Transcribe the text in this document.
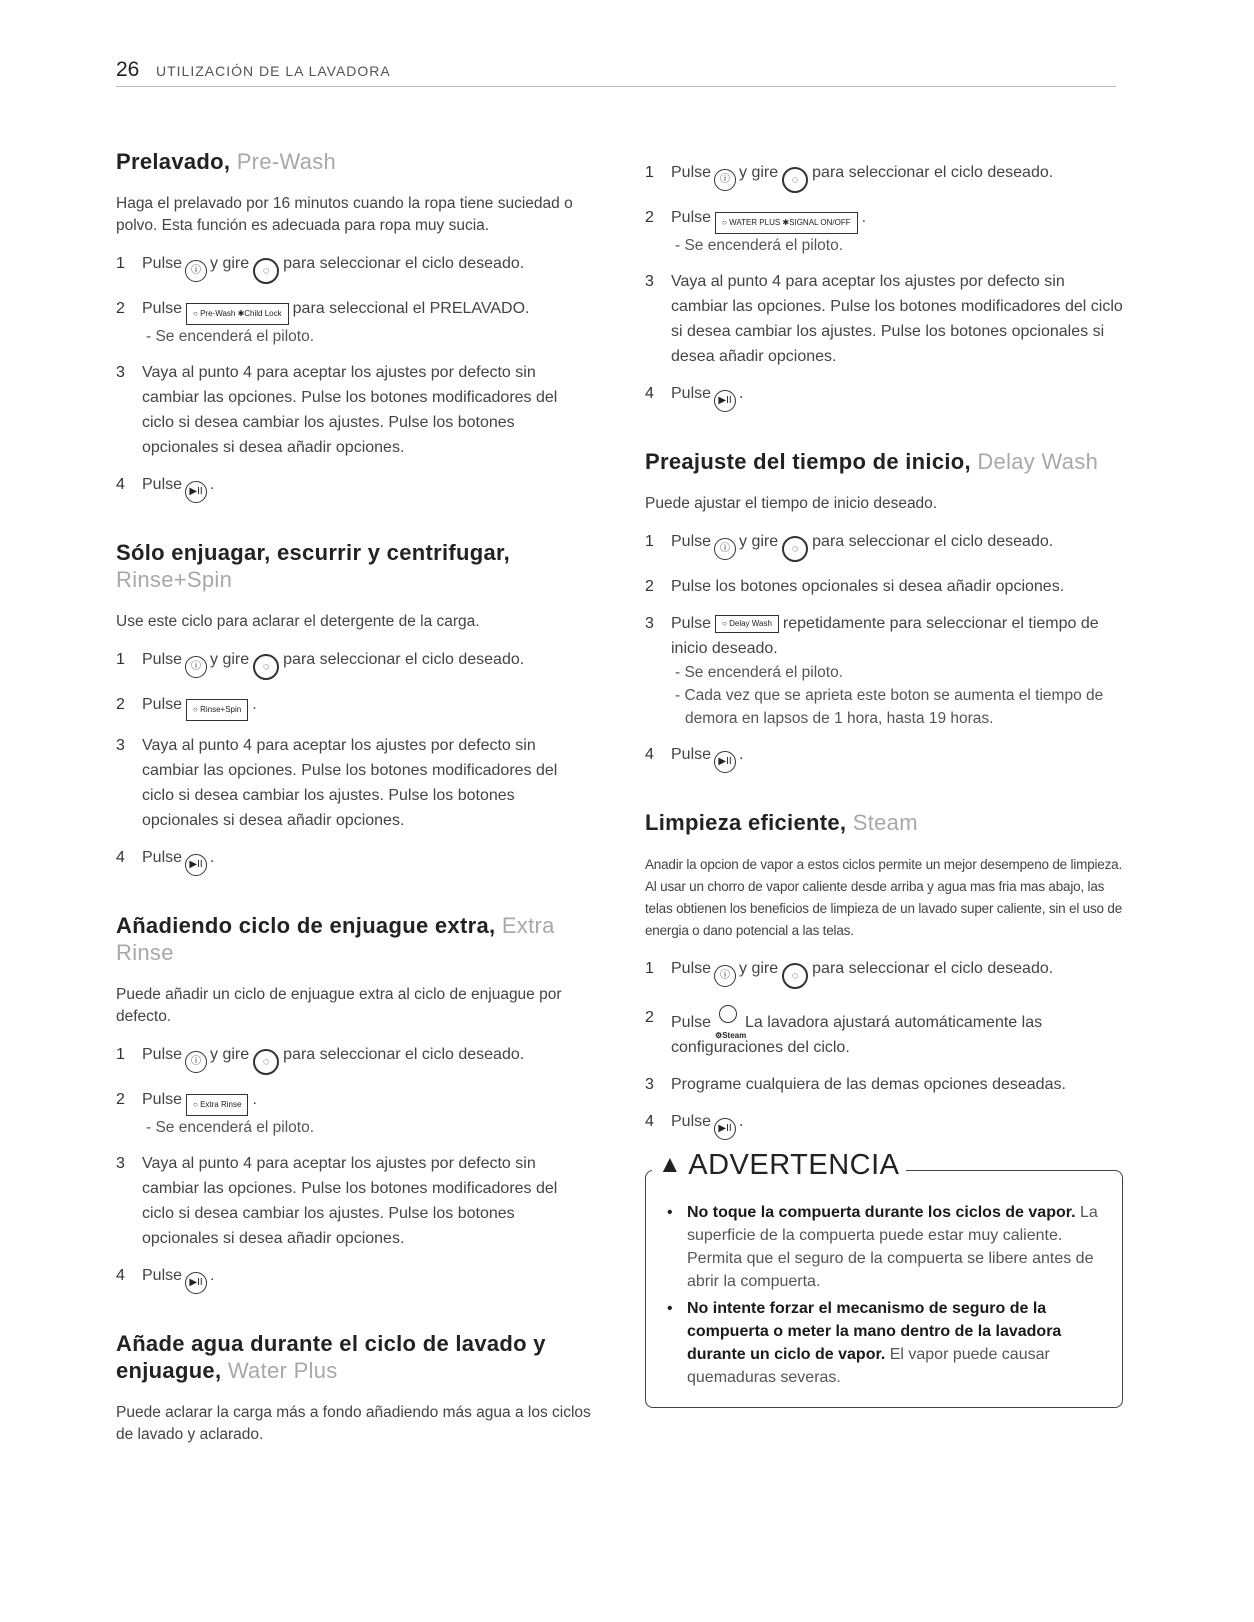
26 UTILIZACIÓN DE LA LAVADORA
Prelavado, Pre-Wash

Haga el prelavado por 16 minutos cuando la ropa tiene suciedad o polvo. Esta función es adecuada para ropa muy sucia.

1 Pulse ⓘ y gire ◌ para seleccionar el ciclo deseado.
2 Pulse ○ Pre-Wash ✱Child Lock para seleccional el PRELAVADO.
- Se encenderá el piloto.
3 Vaya al punto 4 para aceptar los ajustes por defecto sin cambiar las opciones. Pulse los botones modificadores del ciclo si desea cambiar los ajustes. Pulse los botones opcionales si desea añadir opciones.
4 Pulse ▶II .
Sólo enjuagar, escurrir y centrifugar,
Rinse+Spin

Use este ciclo para aclarar el detergente de la carga.

1 Pulse ⓘ y gire ◌ para seleccionar el ciclo deseado.
2 Pulse ○ Rinse+Spin .
3 Vaya al punto 4 para aceptar los ajustes por defecto sin cambiar las opciones. Pulse los botones modificadores del ciclo si desea cambiar los ajustes. Pulse los botones opcionales si desea añadir opciones.
4 Pulse ▶II .
Añadiendo ciclo de enjuague extra, Extra Rinse

Puede añadir un ciclo de enjuague extra al ciclo de enjuague por defecto.

1 Pulse ⓘ y gire ◌ para seleccionar el ciclo deseado.
2 Pulse ○ Extra Rinse .
- Se encenderá el piloto.
3 Vaya al punto 4 para aceptar los ajustes por defecto sin cambiar las opciones. Pulse los botones modificadores del ciclo si desea cambiar los ajustes. Pulse los botones opcionales si desea añadir opciones.
4 Pulse ▶II .
Añade agua durante el ciclo de lavado y enjuague, Water Plus

Puede aclarar la carga más a fondo añadiendo más agua a los ciclos de lavado y aclarado.

1 Pulse ⓘ y gire ◌ para seleccionar el ciclo deseado.
2 Pulse ○ WATER PLUS ✱SIGNAL ON/OFF .
- Se encenderá el piloto.
3 Vaya al punto 4 para aceptar los ajustes por defecto sin cambiar las opciones. Pulse los botones modificadores del ciclo si desea cambiar los ajustes. Pulse los botones opcionales si desea añadir opciones.
4 Pulse ▶II .
Preajuste del tiempo de inicio, Delay Wash

Puede ajustar el tiempo de inicio deseado.

1 Pulse ⓘ y gire ◌ para seleccionar el ciclo deseado.
2 Pulse los botones opcionales si desea añadir opciones.
3 Pulse ○ Delay Wash repetidamente para seleccionar el tiempo de inicio deseado.
- Se encenderá el piloto.
- Cada vez que se aprieta este boton se aumenta el tiempo de demora en lapsos de 1 hora, hasta 19 horas.
4 Pulse ▶II .
Limpieza eficiente, Steam

Anadir la opcion de vapor a estos ciclos permite un mejor desempeno de limpieza. Al usar un chorro de vapor caliente desde arriba y agua mas fria mas abajo, las telas obtienen los beneficios de limpieza de un lavado super caliente, sin el uso de energia o dano potencial a las telas.

1 Pulse ⓘ y gire ◌ para seleccionar el ciclo deseado.
2 Pulse
⚙Steam
La lavadora ajustará automáticamente las configuraciones del ciclo.
3 Programe cualquiera de las demas opciones deseadas.
4 Pulse ▶II .
▲ ADVERTENCIA
• No toque la compuerta durante los ciclos de vapor. La superficie de la compuerta puede estar muy caliente. Permita que el seguro de la compuerta se libere antes de abrir la compuerta.
• No intente forzar el mecanismo de seguro de la compuerta o meter la mano dentro de la lavadora durante un ciclo de vapor. El vapor puede causar quemaduras severas.
